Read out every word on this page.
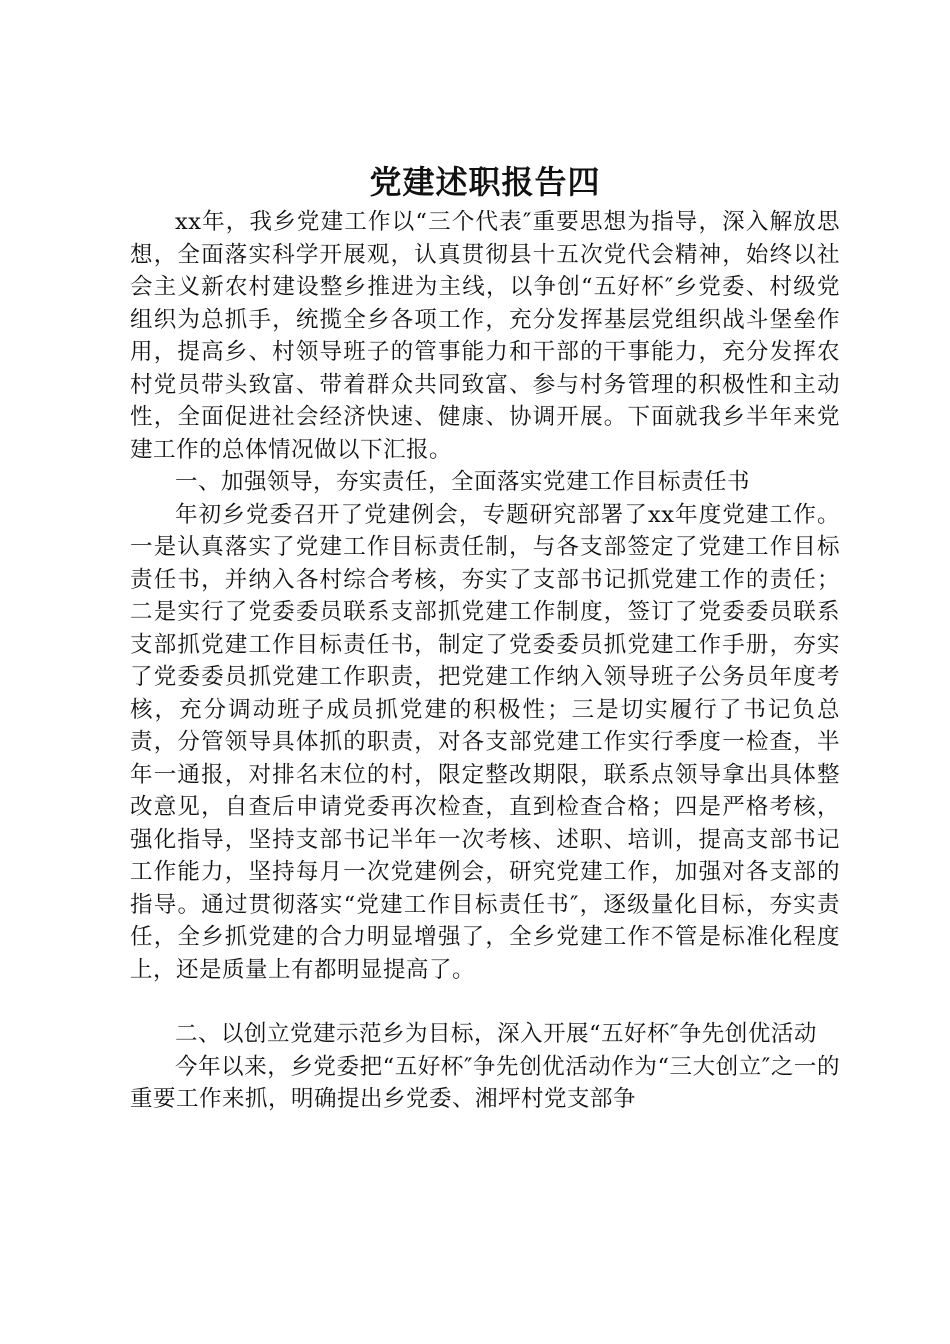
党建述职报告四

xx年，我乡党建工作以“三个代表″重要思想为指导，深入解放思想，全面落实科学开展观，认真贯彻县十五次党代会精神，始终以社会主义新农村建设整乡推进为主线，以争创“五好杯″乡党委、村级党组织为总抓手，统揽全乡各项工作，充分发挥基层党组织战斗堡垒作用，提高乡、村领导班子的管事能力和干部的干事能力，充分发挥农村党员带头致富、带着群众共同致富、参与村务管理的积极性和主动性，全面促进社会经济快速、健康、协调开展。下面就我乡半年来党建工作的总体情况做以下汇报。

一、加强领导，夯实责任，全面落实党建工作目标责任书

年初乡党委召开了党建例会，专题研究部署了xx年度党建工作。一是认真落实了党建工作目标责任制，与各支部签定了党建工作目标责任书，并纳入各村综合考核，夯实了支部书记抓党建工作的责任；二是实行了党委委员联系支部抓党建工作制度，签订了党委委员联系支部抓党建工作目标责任书，制定了党委委员抓党建工作手册，夯实了党委委员抓党建工作职责，把党建工作纳入领导班子公务员年度考核，充分调动班子成员抓党建的积极性；三是切实履行了书记负总责，分管领导具体抓的职责，对各支部党建工作实行季度一检查，半年一通报，对排名末位的村，限定整改期限，联系点领导拿出具体整改意见，自查后申请党委再次检查，直到检查合格；四是严格考核，强化指导，坚持支部书记半年一次考核、述职、培训，提高支部书记工作能力，坚持每月一次党建例会，研究党建工作，加强对各支部的指导。通过贯彻落实“党建工作目标责任书″，逐级量化目标，夯实责任，全乡抓党建的合力明显增强了，全乡党建工作不管是标准化程度上，还是质量上有都明显提高了。

二、以创立党建示范乡为目标，深入开展“五好杯″争先创优活动

今年以来，乡党委把“五好杯″争先创优活动作为“三大创立″之一的重要工作来抓，明确提出乡党委、湘坪村党支部争
